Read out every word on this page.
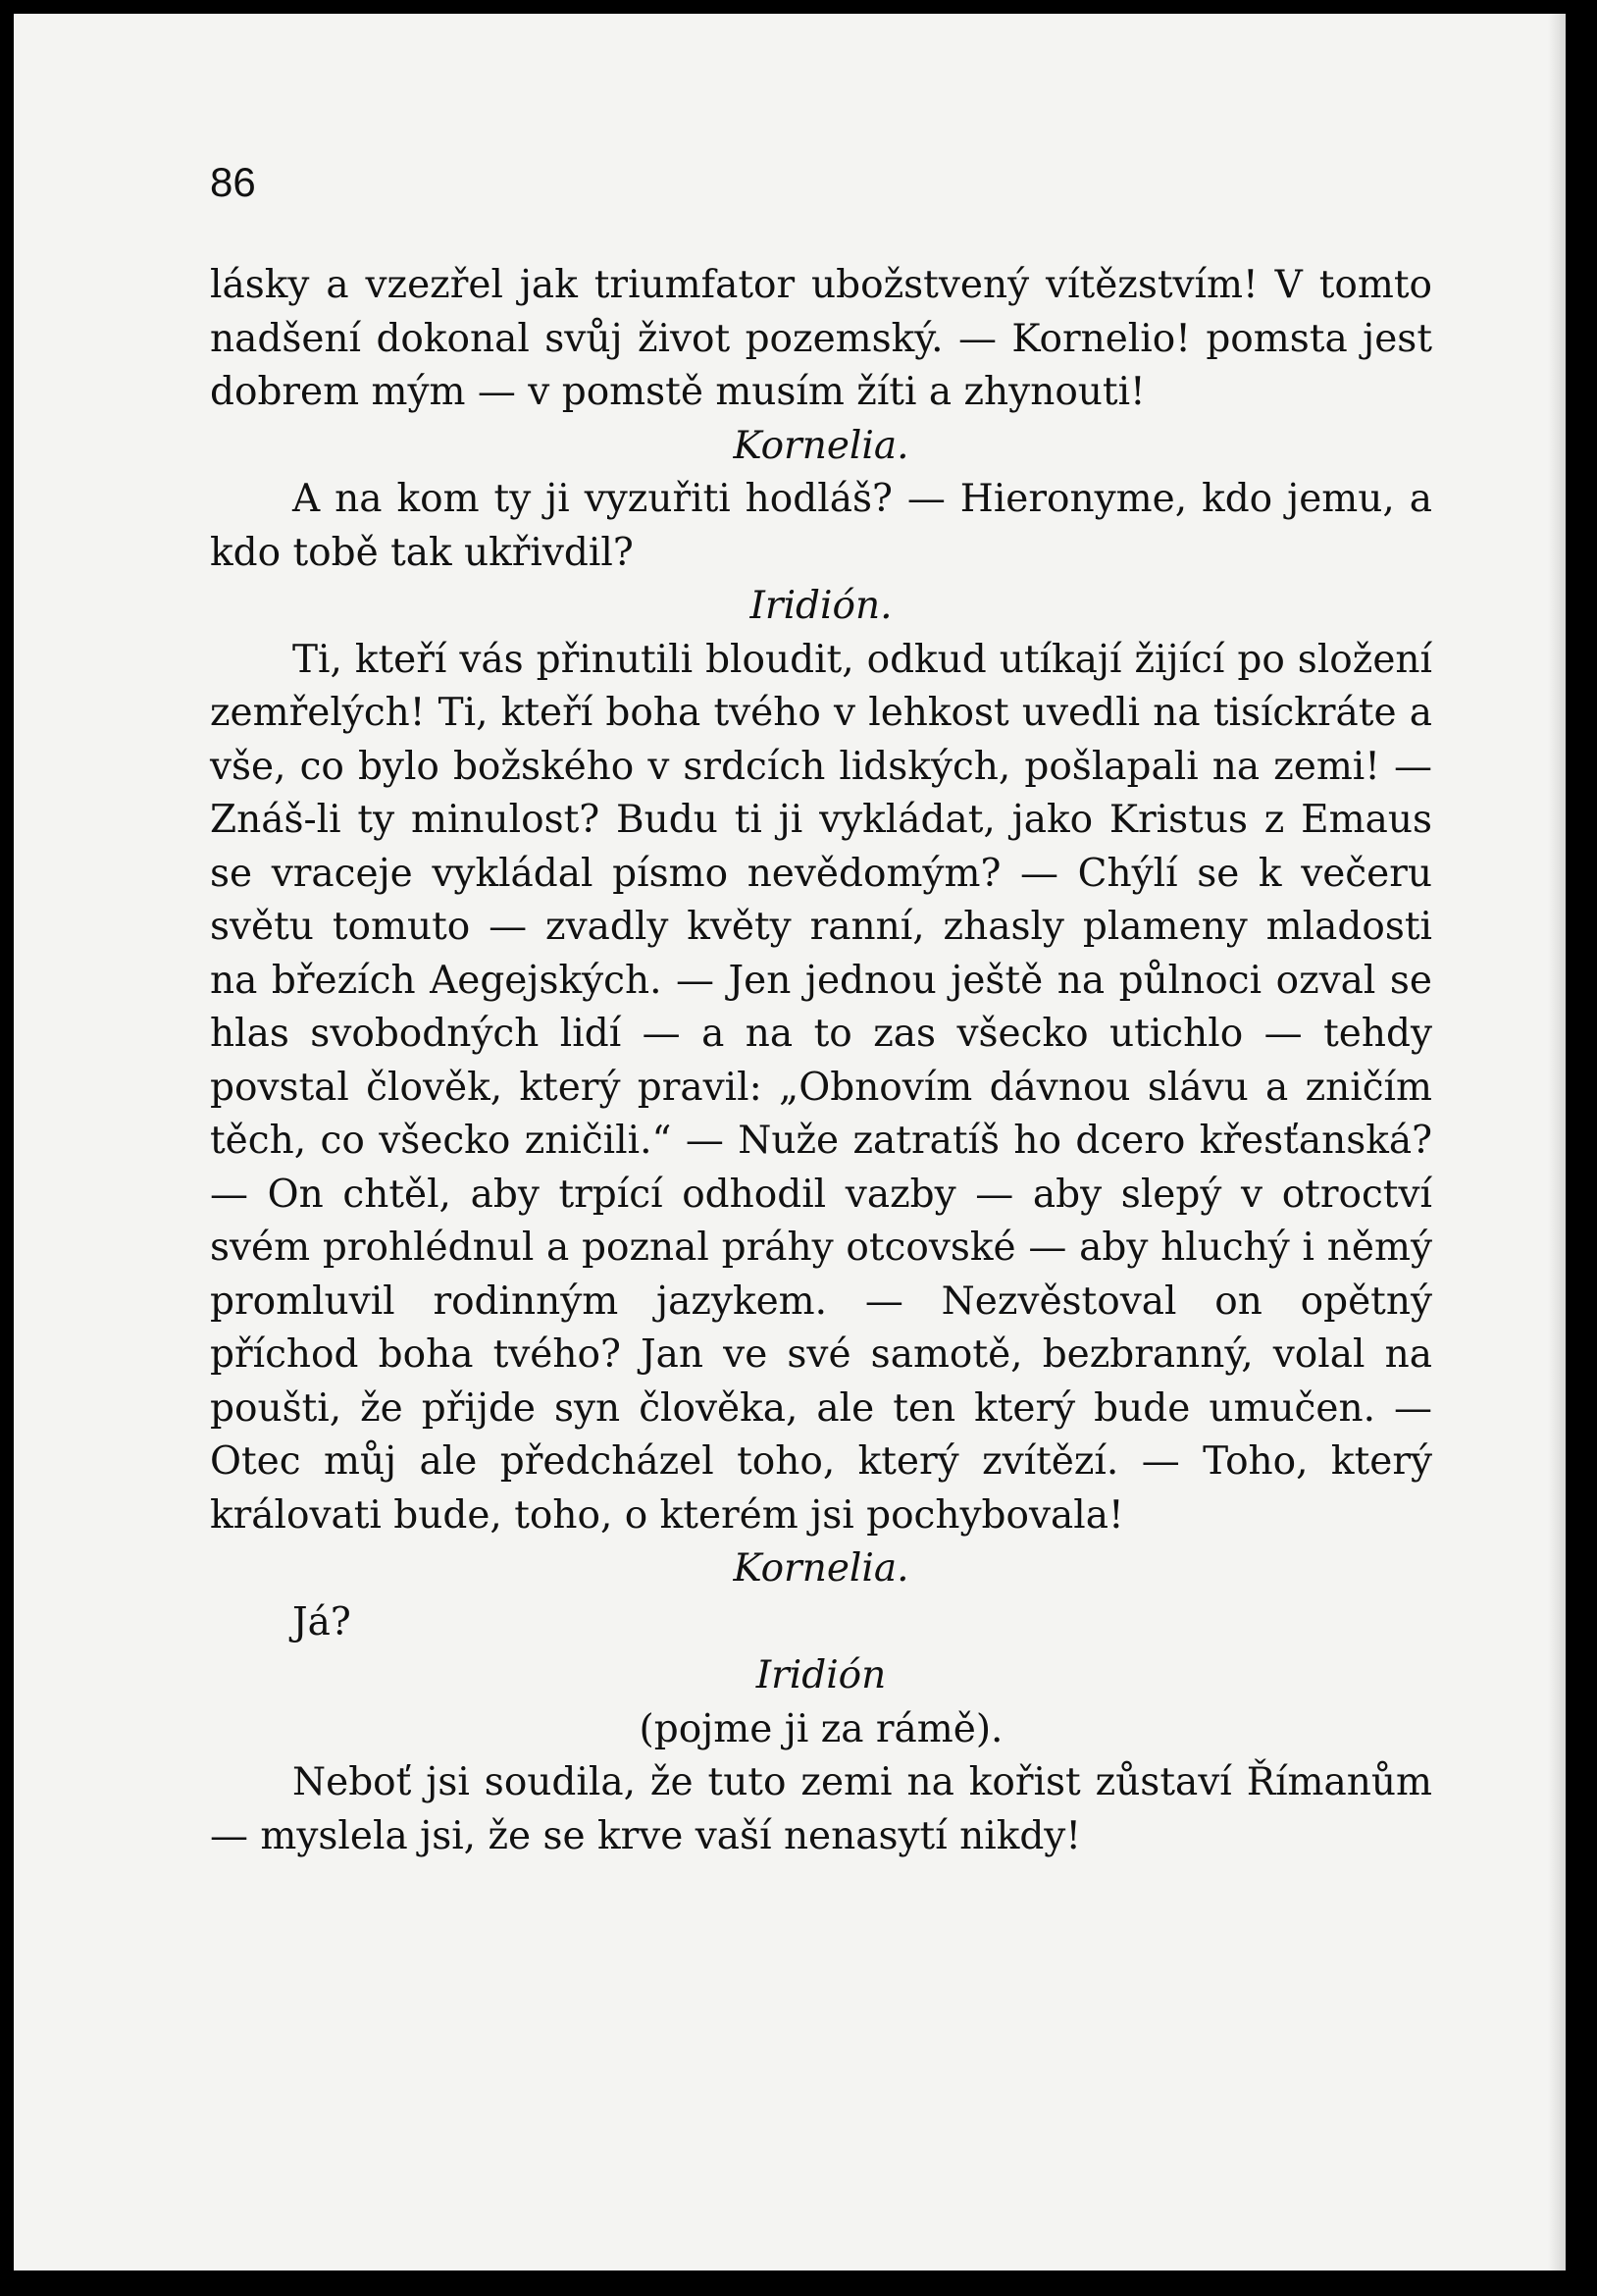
86

lásky a vzezřel jak triumfator ubožstvený vítězstvím! V tomto nadšení dokonal svůj život pozemský. — Kornelio! pomsta jest dobrem mým — v pomstě musím žíti a zhynouti!

Kornelia.

A na kom ty ji vyzuřiti hodláš? — Hieronyme, kdo jemu, a kdo tobě tak ukřivdil?

Iridión.

Ti, kteří vás přinutili bloudit, odkud utíkají žijící po složení zemřelých! Ti, kteří boha tvého v lehkost uvedli na tisíckráte a vše, co bylo božského v srdcích lidských, pošlapali na zemi! — Znáš-li ty minulost? Budu ti ji vykládat, jako Kristus z Emaus se vraceje vykládal písmo nevědomým? — Chýlí se k večeru světu tomuto — zvadly květy ranní, zhasly plameny mladosti na březích Aegejských. — Jen jednou ještě na půlnoci ozval se hlas svobodných lidí — a na to zas všecko utichlo — tehdy povstal člověk, který pravil: „Obnovím dávnou slávu a zničím těch, co všecko zničili.“ — Nuže zatratíš ho dcero křesťanská? — On chtěl, aby trpící odhodil vazby — aby slepý v otroctví svém prohlédnul a poznal práhy otcovské — aby hluchý i němý promluvil rodinným jazykem. — Nezvěstoval on opětný příchod boha tvého? Jan ve své samotě, bezbranný, volal na poušti, že přijde syn člověka, ale ten který bude umučen. — Otec můj ale předcházel toho, který zvítězí. — Toho, který královati bude, toho, o kterém jsi pochybovala!

Kornelia.

Já?

Iridión

(pojme ji za rámě).

Neboť jsi soudila, že tuto zemi na kořist zůstaví Římanům — myslela jsi, že se krve vaší nenasytí nikdy!
